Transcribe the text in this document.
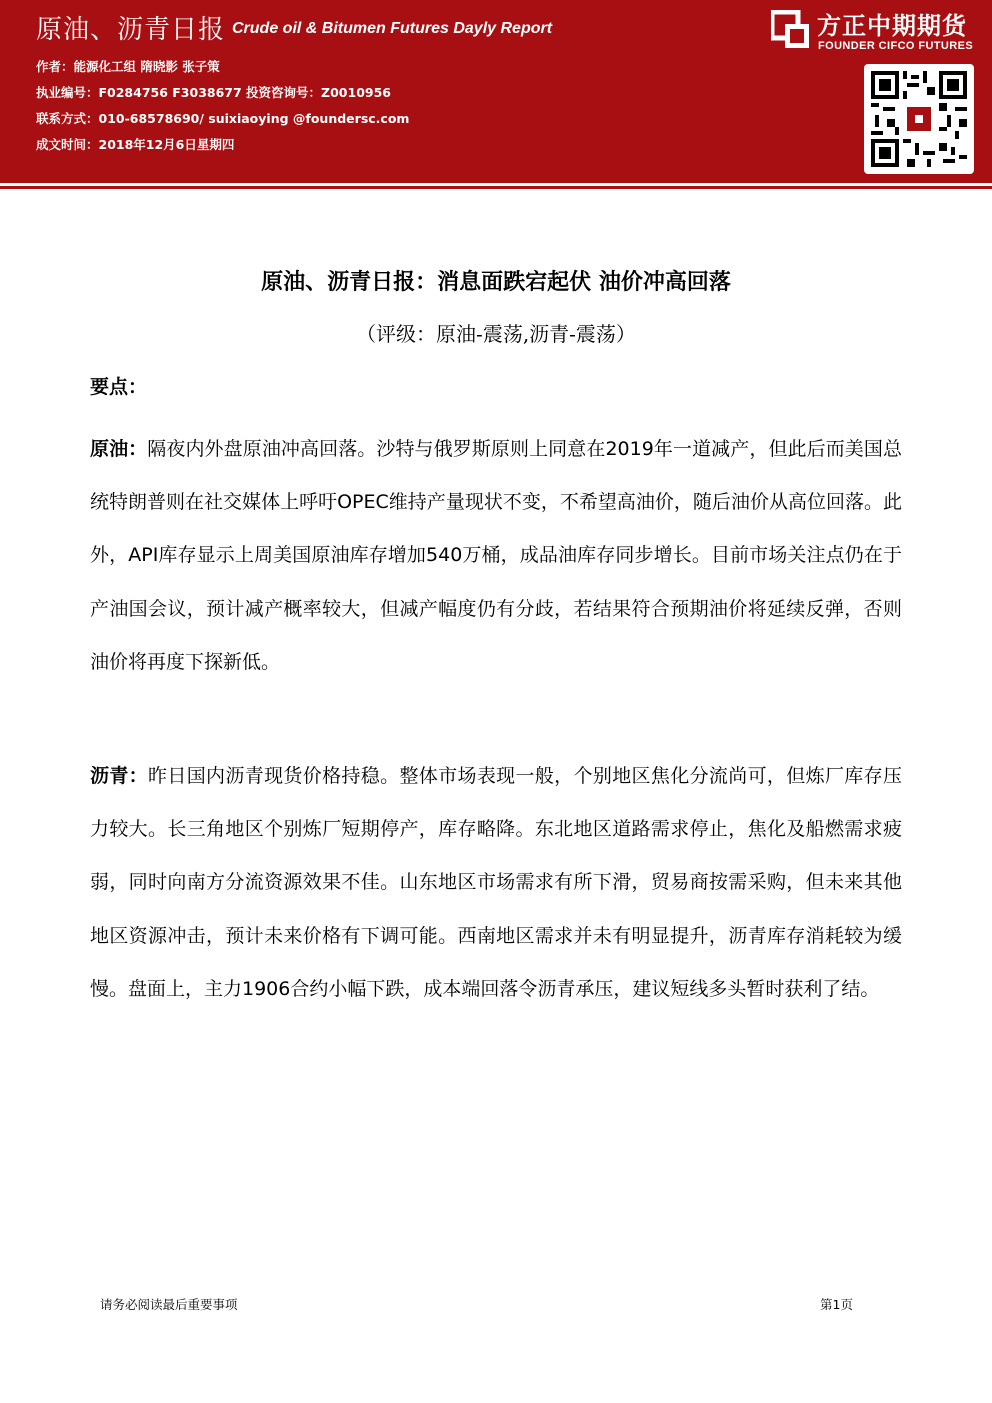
原油、沥青日报 Crude oil & Bitumen Futures Dayly Report	方正中期期货
FOUNDER CIFCO FUTURES
作者：能源化工组 隋晓影 张子策
执业编号：F0284756 F3038677 投资咨询号：Z0010956
联系方式：010-68578690/ suixiaoying @foundersc.com
成文时间：2018年12月6日星期四
原油、沥青日报：消息面跌宕起伏 油价冲高回落
（评级：原油-震荡,沥青-震荡）
要点：
原油：隔夜内外盘原油冲高回落。沙特与俄罗斯原则上同意在2019年一道减产，但此后而美国总统特朗普则在社交媒体上呼吁OPEC维持产量现状不变，不希望高油价，随后油价从高位回落。此外，API库存显示上周美国原油库存增加540万桶，成品油库存同步增长。目前市场关注点仍在于产油国会议，预计减产概率较大，但减产幅度仍有分歧，若结果符合预期油价将延续反弹，否则油价将再度下探新低。
沥青：昨日国内沥青现货价格持稳。整体市场表现一般，个别地区焦化分流尚可，但炼厂库存压力较大。长三角地区个别炼厂短期停产，库存略降。东北地区道路需求停止，焦化及船燃需求疲弱，同时向南方分流资源效果不佳。山东地区市场需求有所下滑，贸易商按需采购，但未来其他地区资源冲击，预计未来价格有下调可能。西南地区需求并未有明显提升，沥青库存消耗较为缓慢。盘面上，主力1906合约小幅下跌，成本端回落令沥青承压，建议短线多头暂时获利了结。
请务必阅读最后重要事项	第1页
